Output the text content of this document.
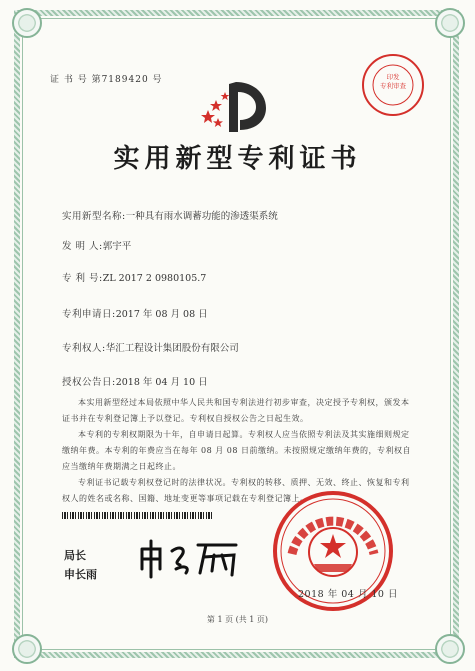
证 书 号 第7189420 号	印发
专利审查
实用新型专利证书
实用新型名称:一种具有雨水调蓄功能的渗透渠系统
发 明 人:郭宇平
专 利 号:ZL 2017 2 0980105.7
专利申请日:2017 年 08 月 08 日
专利权人:华汇工程设计集团股份有限公司
授权公告日:2018 年 04 月 10 日

本实用新型经过本局依照中华人民共和国专利法进行初步审查，决定授予专利权，颁发本证书并在专利登记簿上予以登记。专利权自授权公告之日起生效。

本专利的专利权期限为十年，自申请日起算。专利权人应当依照专利法及其实施细则规定缴纳年费。本专利的年费应当在每年 08 月 08 日前缴纳。未按照规定缴纳年费的，专利权自应当缴纳年费期满之日起终止。

专利证书记载专利权登记时的法律状况。专利权的转移、质押、无效、终止、恢复和专利权人的姓名或名称、国籍、地址变更等事项记载在专利登记簿上。

局长
申长雨
2018 年 04 月 10 日
第 1 页 (共 1 页)
